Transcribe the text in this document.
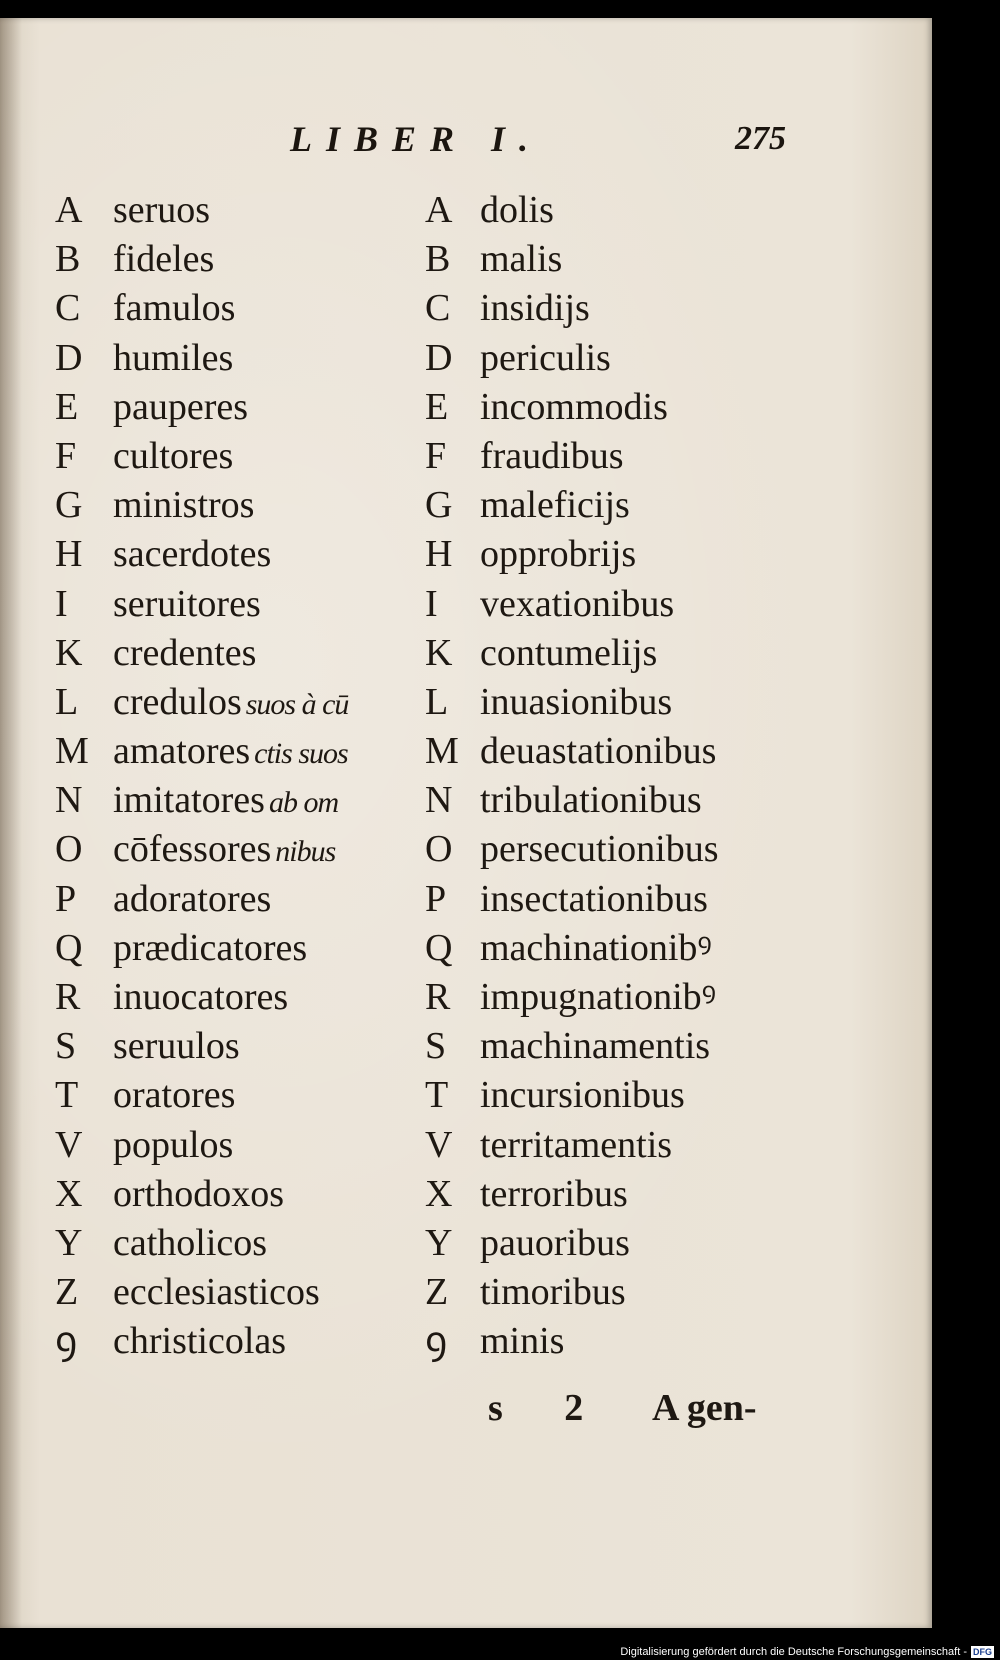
LIBER I.	275
A seruos
B fideles
C famulos
D humiles
E pauperes
F cultores
G ministros
H sacerdotes
I	seruitores
K credentes
L credulos suos à cū
M amatores ctis suos
N imitatores ab om
O cōfessores nibus
P adoratores
Q prædicatores
R inuocatores
S seruulos
T oratores
V populos
X orthodoxos
Y catholicos
Z ecclesiasticos
ꝯ christicolas
A dolis
B malis
C insidijs
D periculis
E incommodis
F fraudibus
G maleficijs
H opprobrijs
I	vexationibus
K contumelijs
L inuasionibus
M deuastationibus
N tribulationibus
O persecutionibus
P insectationibus
Q machinationibꝰ
R impugnationibꝰ
S machinamentis
T incursionibus
V territamentis
X terroribus
Y pauoribus
Z timoribus
ꝯ minis
s 2 A gen-
Digitalisierung gefördert durch die Deutsche Forschungsgemeinschaft - DFG
